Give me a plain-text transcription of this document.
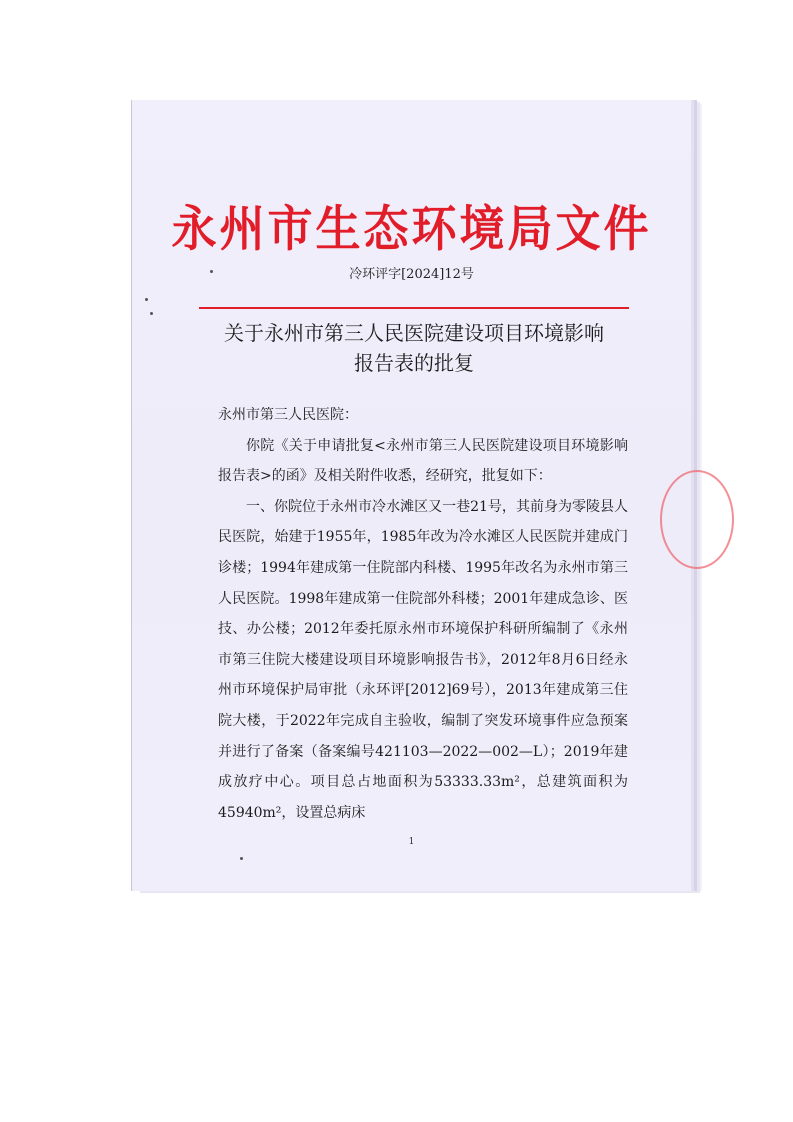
永州市生态环境局文件
冷环评字[2024]12号
关于永州市第三人民医院建设项目环境影响
报告表的批复

永州市第三人民医院：

你院《关于申请批复<永州市第三人民医院建设项目环境影响报告表>的函》及相关附件收悉，经研究，批复如下：

一、你院位于永州市冷水滩区又一巷21号，其前身为零陵县人民医院，始建于1955年，1985年改为冷水滩区人民医院并建成门诊楼；1994年建成第一住院部内科楼、1995年改名为永州市第三人民医院。1998年建成第一住院部外科楼；2001年建成急诊、医技、办公楼；2012年委托原永州市环境保护科研所编制了《永州市第三住院大楼建设项目环境影响报告书》，2012年8月6日经永州市环境保护局审批（永环评[2012]69号），2013年建成第三住院大楼，于2022年完成自主验收，编制了突发环境事件应急预案并进行了备案（备案编号421103—2022—002—L）；2019年建成放疗中心。项目总占地面积为53333.33m²，总建筑面积为45940m²，设置总病床

1
